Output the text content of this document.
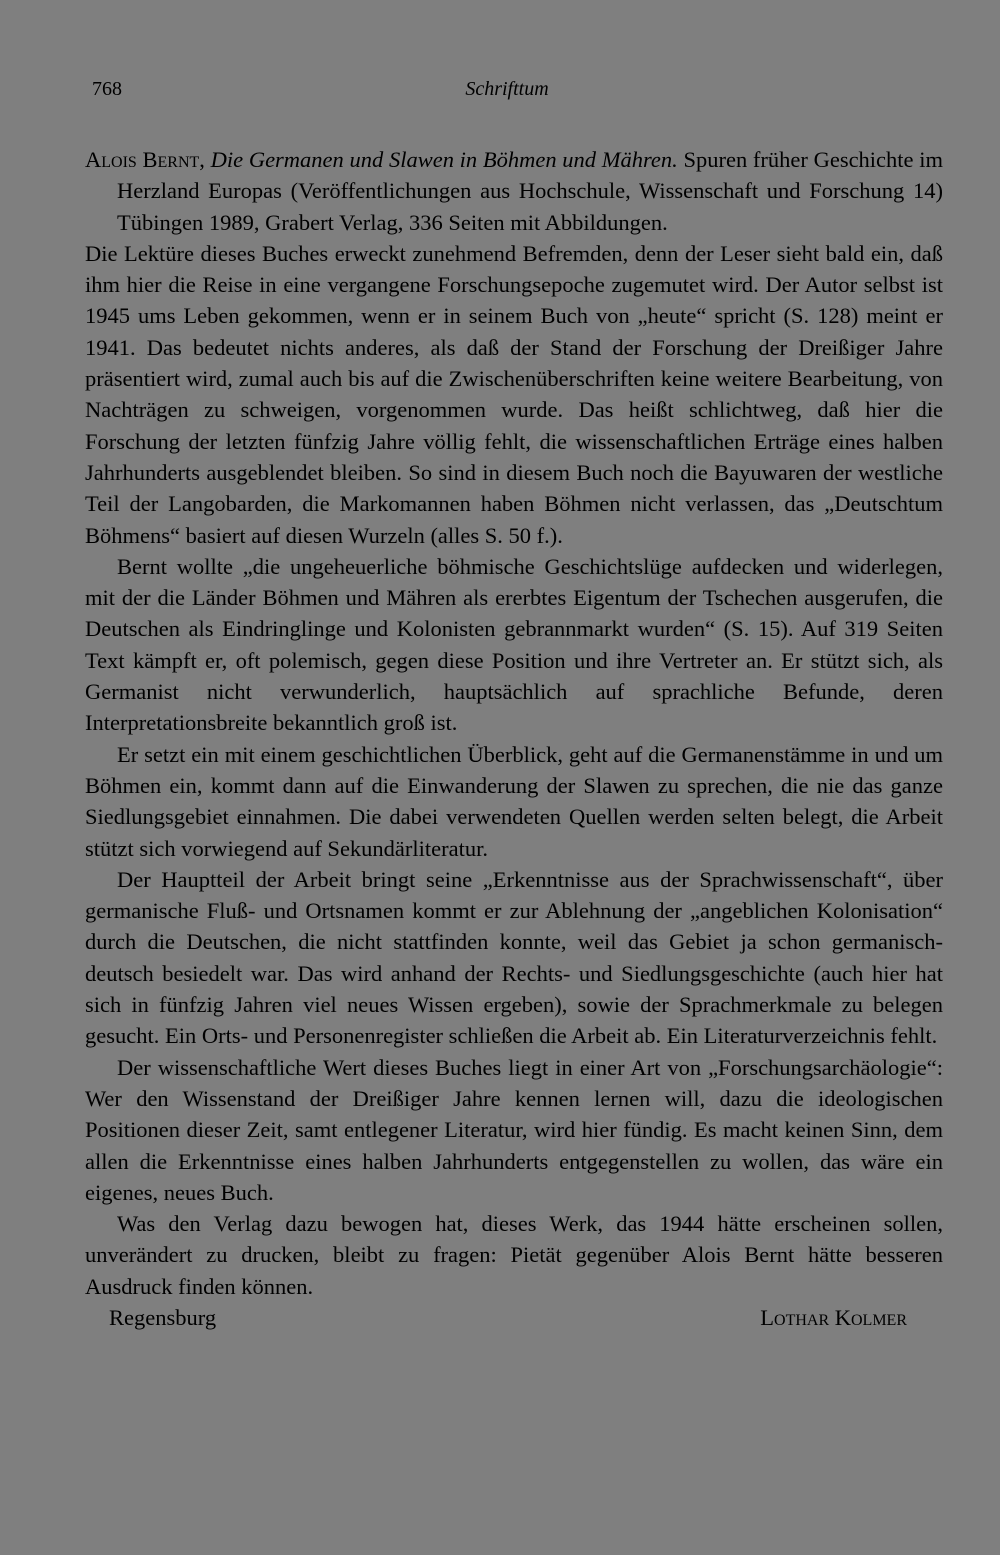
768	Schrifttum

Alois Bernt, Die Germanen und Slawen in Böhmen und Mähren. Spuren früher Geschichte im Herzland Europas (Veröffentlichungen aus Hochschule, Wissenschaft und Forschung 14) Tübingen 1989, Grabert Verlag, 336 Seiten mit Abbildungen.

Die Lektüre dieses Buches erweckt zunehmend Befremden, denn der Leser sieht bald ein, daß ihm hier die Reise in eine vergangene Forschungsepoche zugemutet wird. Der Autor selbst ist 1945 ums Leben gekommen, wenn er in seinem Buch von „heute“ spricht (S. 128) meint er 1941. Das bedeutet nichts anderes, als daß der Stand der Forschung der Dreißiger Jahre präsentiert wird, zumal auch bis auf die Zwischenüberschriften keine weitere Bearbeitung, von Nachträgen zu schweigen, vorgenommen wurde. Das heißt schlichtweg, daß hier die Forschung der letzten fünfzig Jahre völlig fehlt, die wissenschaftlichen Erträge eines halben Jahrhunderts ausgeblendet bleiben. So sind in diesem Buch noch die Bayuwaren der westliche Teil der Langobarden, die Markomannen haben Böhmen nicht verlassen, das „Deutschtum Böhmens“ basiert auf diesen Wurzeln (alles S. 50 f.).

Bernt wollte „die ungeheuerliche böhmische Geschichtslüge aufdecken und widerlegen, mit der die Länder Böhmen und Mähren als ererbtes Eigentum der Tschechen ausgerufen, die Deutschen als Eindringlinge und Kolonisten gebrannmarkt wurden“ (S. 15). Auf 319 Seiten Text kämpft er, oft polemisch, gegen diese Position und ihre Vertreter an. Er stützt sich, als Germanist nicht verwunderlich, hauptsächlich auf sprachliche Befunde, deren Interpretationsbreite bekanntlich groß ist.

Er setzt ein mit einem geschichtlichen Überblick, geht auf die Germanenstämme in und um Böhmen ein, kommt dann auf die Einwanderung der Slawen zu sprechen, die nie das ganze Siedlungsgebiet einnahmen. Die dabei verwendeten Quellen werden selten belegt, die Arbeit stützt sich vorwiegend auf Sekundärliteratur.

Der Hauptteil der Arbeit bringt seine „Erkenntnisse aus der Sprachwissenschaft“, über germanische Fluß- und Ortsnamen kommt er zur Ablehnung der „angeblichen Kolonisation“ durch die Deutschen, die nicht stattfinden konnte, weil das Gebiet ja schon germanisch-deutsch besiedelt war. Das wird anhand der Rechts- und Siedlungsgeschichte (auch hier hat sich in fünfzig Jahren viel neues Wissen ergeben), sowie der Sprachmerkmale zu belegen gesucht. Ein Orts- und Personenregister schließen die Arbeit ab. Ein Literaturverzeichnis fehlt.

Der wissenschaftliche Wert dieses Buches liegt in einer Art von „Forschungsarchäologie“: Wer den Wissenstand der Dreißiger Jahre kennen lernen will, dazu die ideologischen Positionen dieser Zeit, samt entlegener Literatur, wird hier fündig. Es macht keinen Sinn, dem allen die Erkenntnisse eines halben Jahrhunderts entgegenstellen zu wollen, das wäre ein eigenes, neues Buch.

Was den Verlag dazu bewogen hat, dieses Werk, das 1944 hätte erscheinen sollen, unverändert zu drucken, bleibt zu fragen: Pietät gegenüber Alois Bernt hätte besseren Ausdruck finden können.

Regensburg	Lothar Kolmer
